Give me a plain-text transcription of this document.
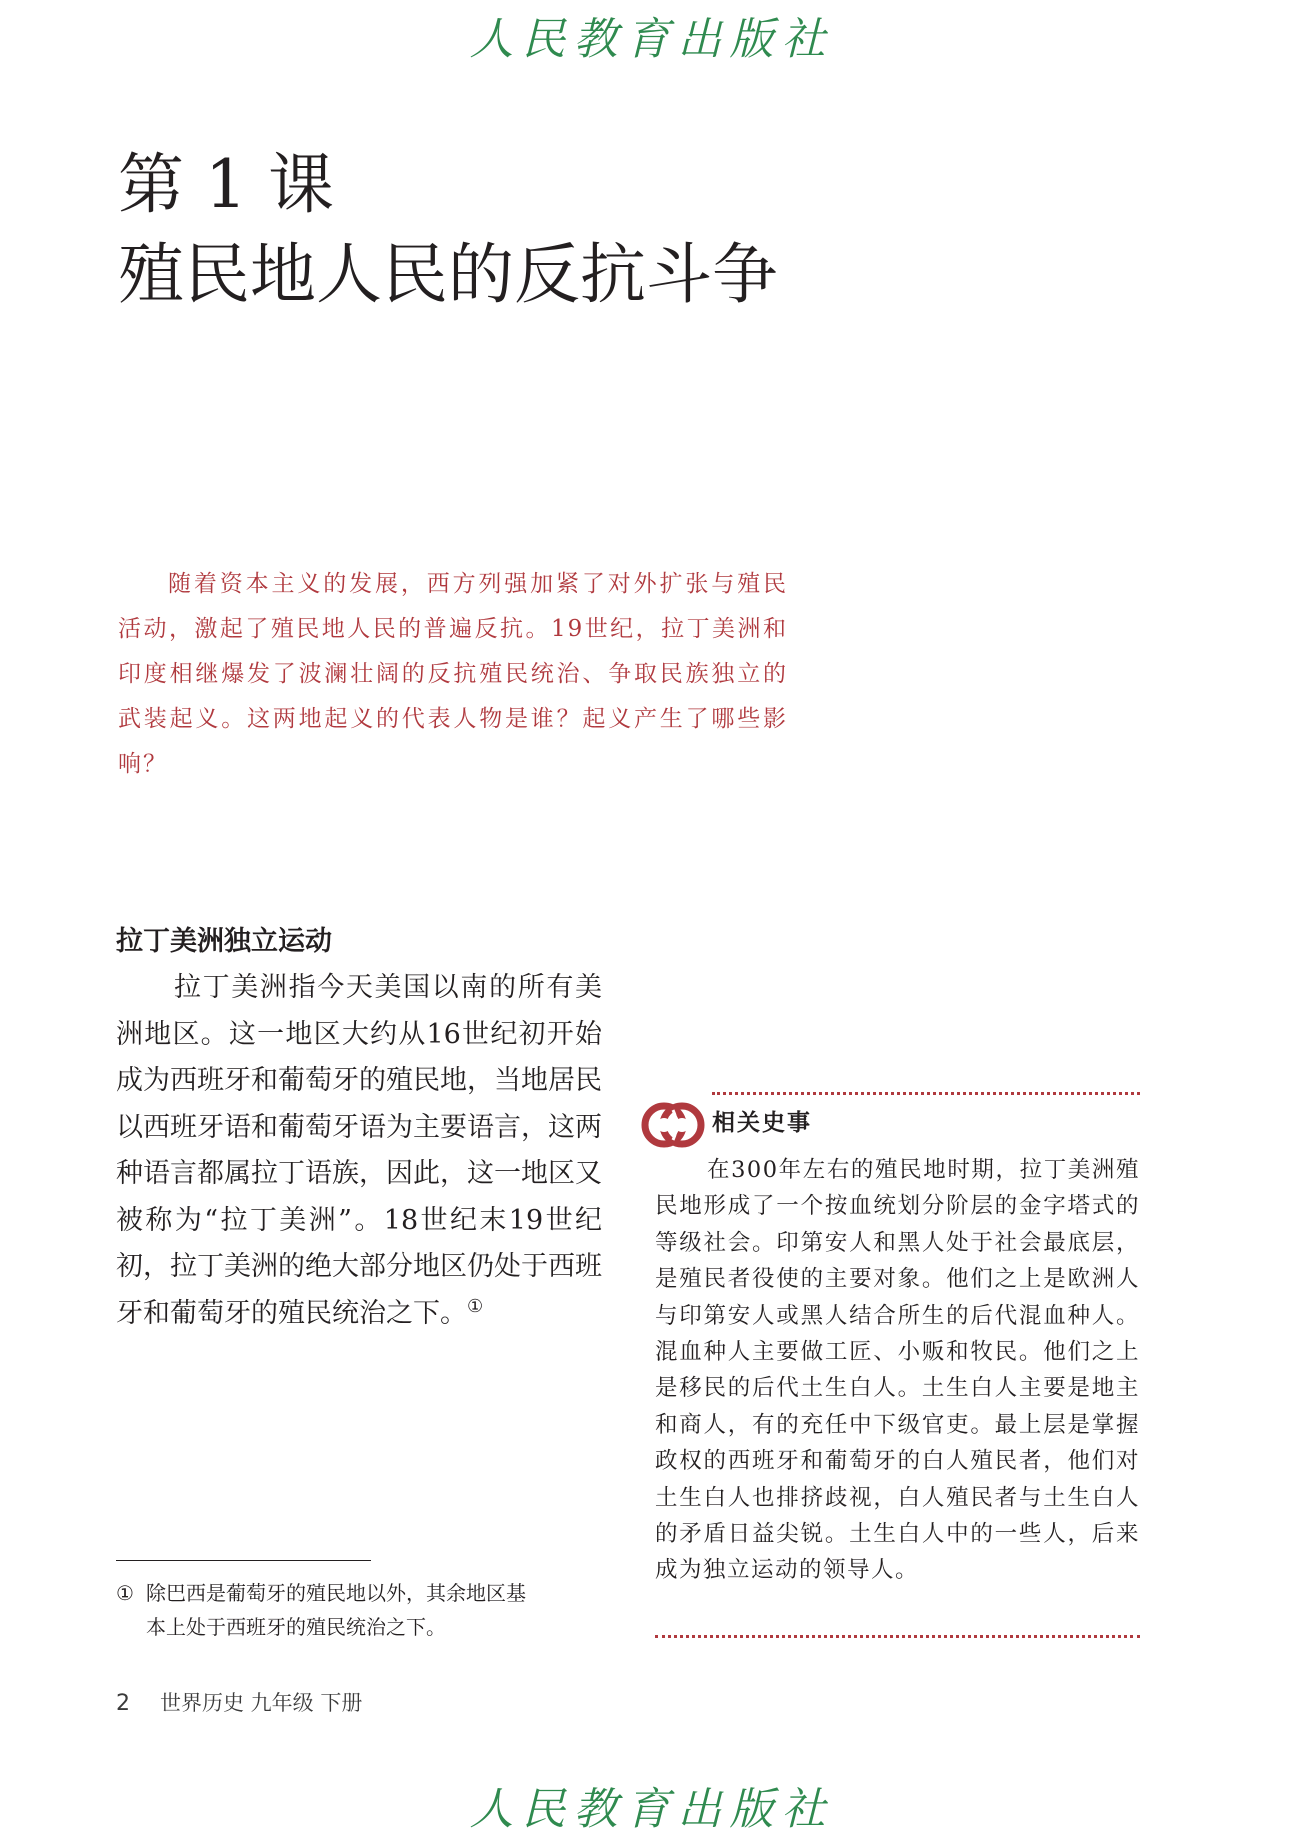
人民教育出版社
第 1 课
殖民地人民的反抗斗争
随着资本主义的发展，西方列强加紧了对外扩张与殖民活动，激起了殖民地人民的普遍反抗。19世纪，拉丁美洲和印度相继爆发了波澜壮阔的反抗殖民统治、争取民族独立的武装起义。这两地起义的代表人物是谁？起义产生了哪些影响？
拉丁美洲独立运动
拉丁美洲指今天美国以南的所有美洲地区。这一地区大约从16世纪初开始成为西班牙和葡萄牙的殖民地，当地居民以西班牙语和葡萄牙语为主要语言，这两种语言都属拉丁语族，因此，这一地区又被称为“拉丁美洲”。18世纪末19世纪初，拉丁美洲的绝大部分地区仍处于西班牙和葡萄牙的殖民统治之下。①
① 除巴西是葡萄牙的殖民地以外，其余地区基
本上处于西班牙的殖民统治之下。
相关史事
在300年左右的殖民地时期，拉丁美洲殖民地形成了一个按血统划分阶层的金字塔式的等级社会。印第安人和黑人处于社会最底层，是殖民者役使的主要对象。他们之上是欧洲人与印第安人或黑人结合所生的后代混血种人。混血种人主要做工匠、小贩和牧民。他们之上是移民的后代土生白人。土生白人主要是地主和商人，有的充任中下级官吏。最上层是掌握政权的西班牙和葡萄牙的白人殖民者，他们对土生白人也排挤歧视，白人殖民者与土生白人的矛盾日益尖锐。土生白人中的一些人，后来成为独立运动的领导人。
2 世界历史 九年级 下册
人民教育出版社
